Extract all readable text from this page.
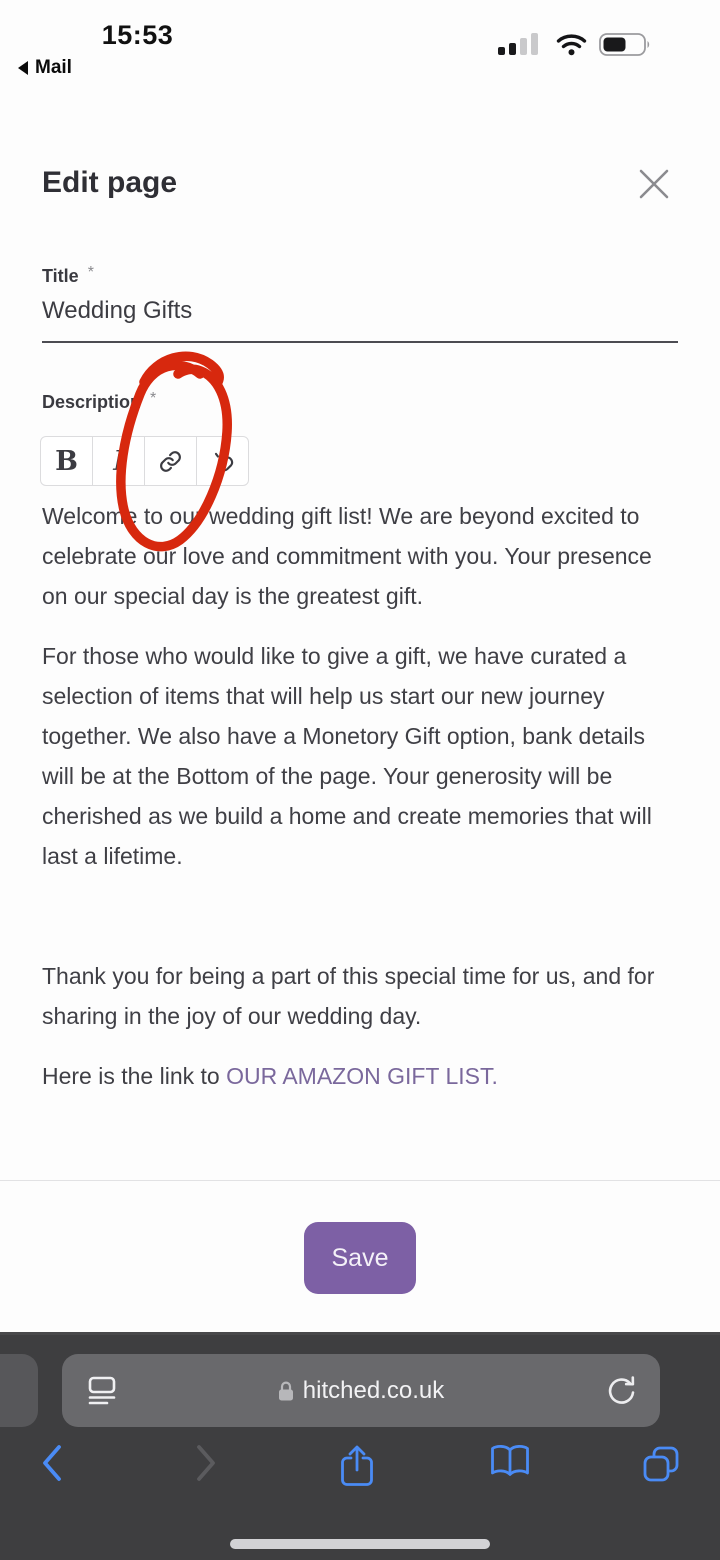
15:53
Mail
Edit page
Title *
Wedding Gifts
Description *
B I

Welcome to our wedding gift list! We are beyond excited to celebrate our love and commitment with you. Your presence on our special day is the greatest gift.

For those who would like to give a gift, we have curated a selection of items that will help us start our new journey together. We also have a Monetory Gift option, bank details will be at the Bottom of the page. Your generosity will be cherished as we build a home and create memories that will last a lifetime.

Thank you for being a part of this special time for us, and for sharing in the joy of our wedding day.

Here is the link to OUR AMAZON GIFT LIST.

Save
hitched.co.uk
